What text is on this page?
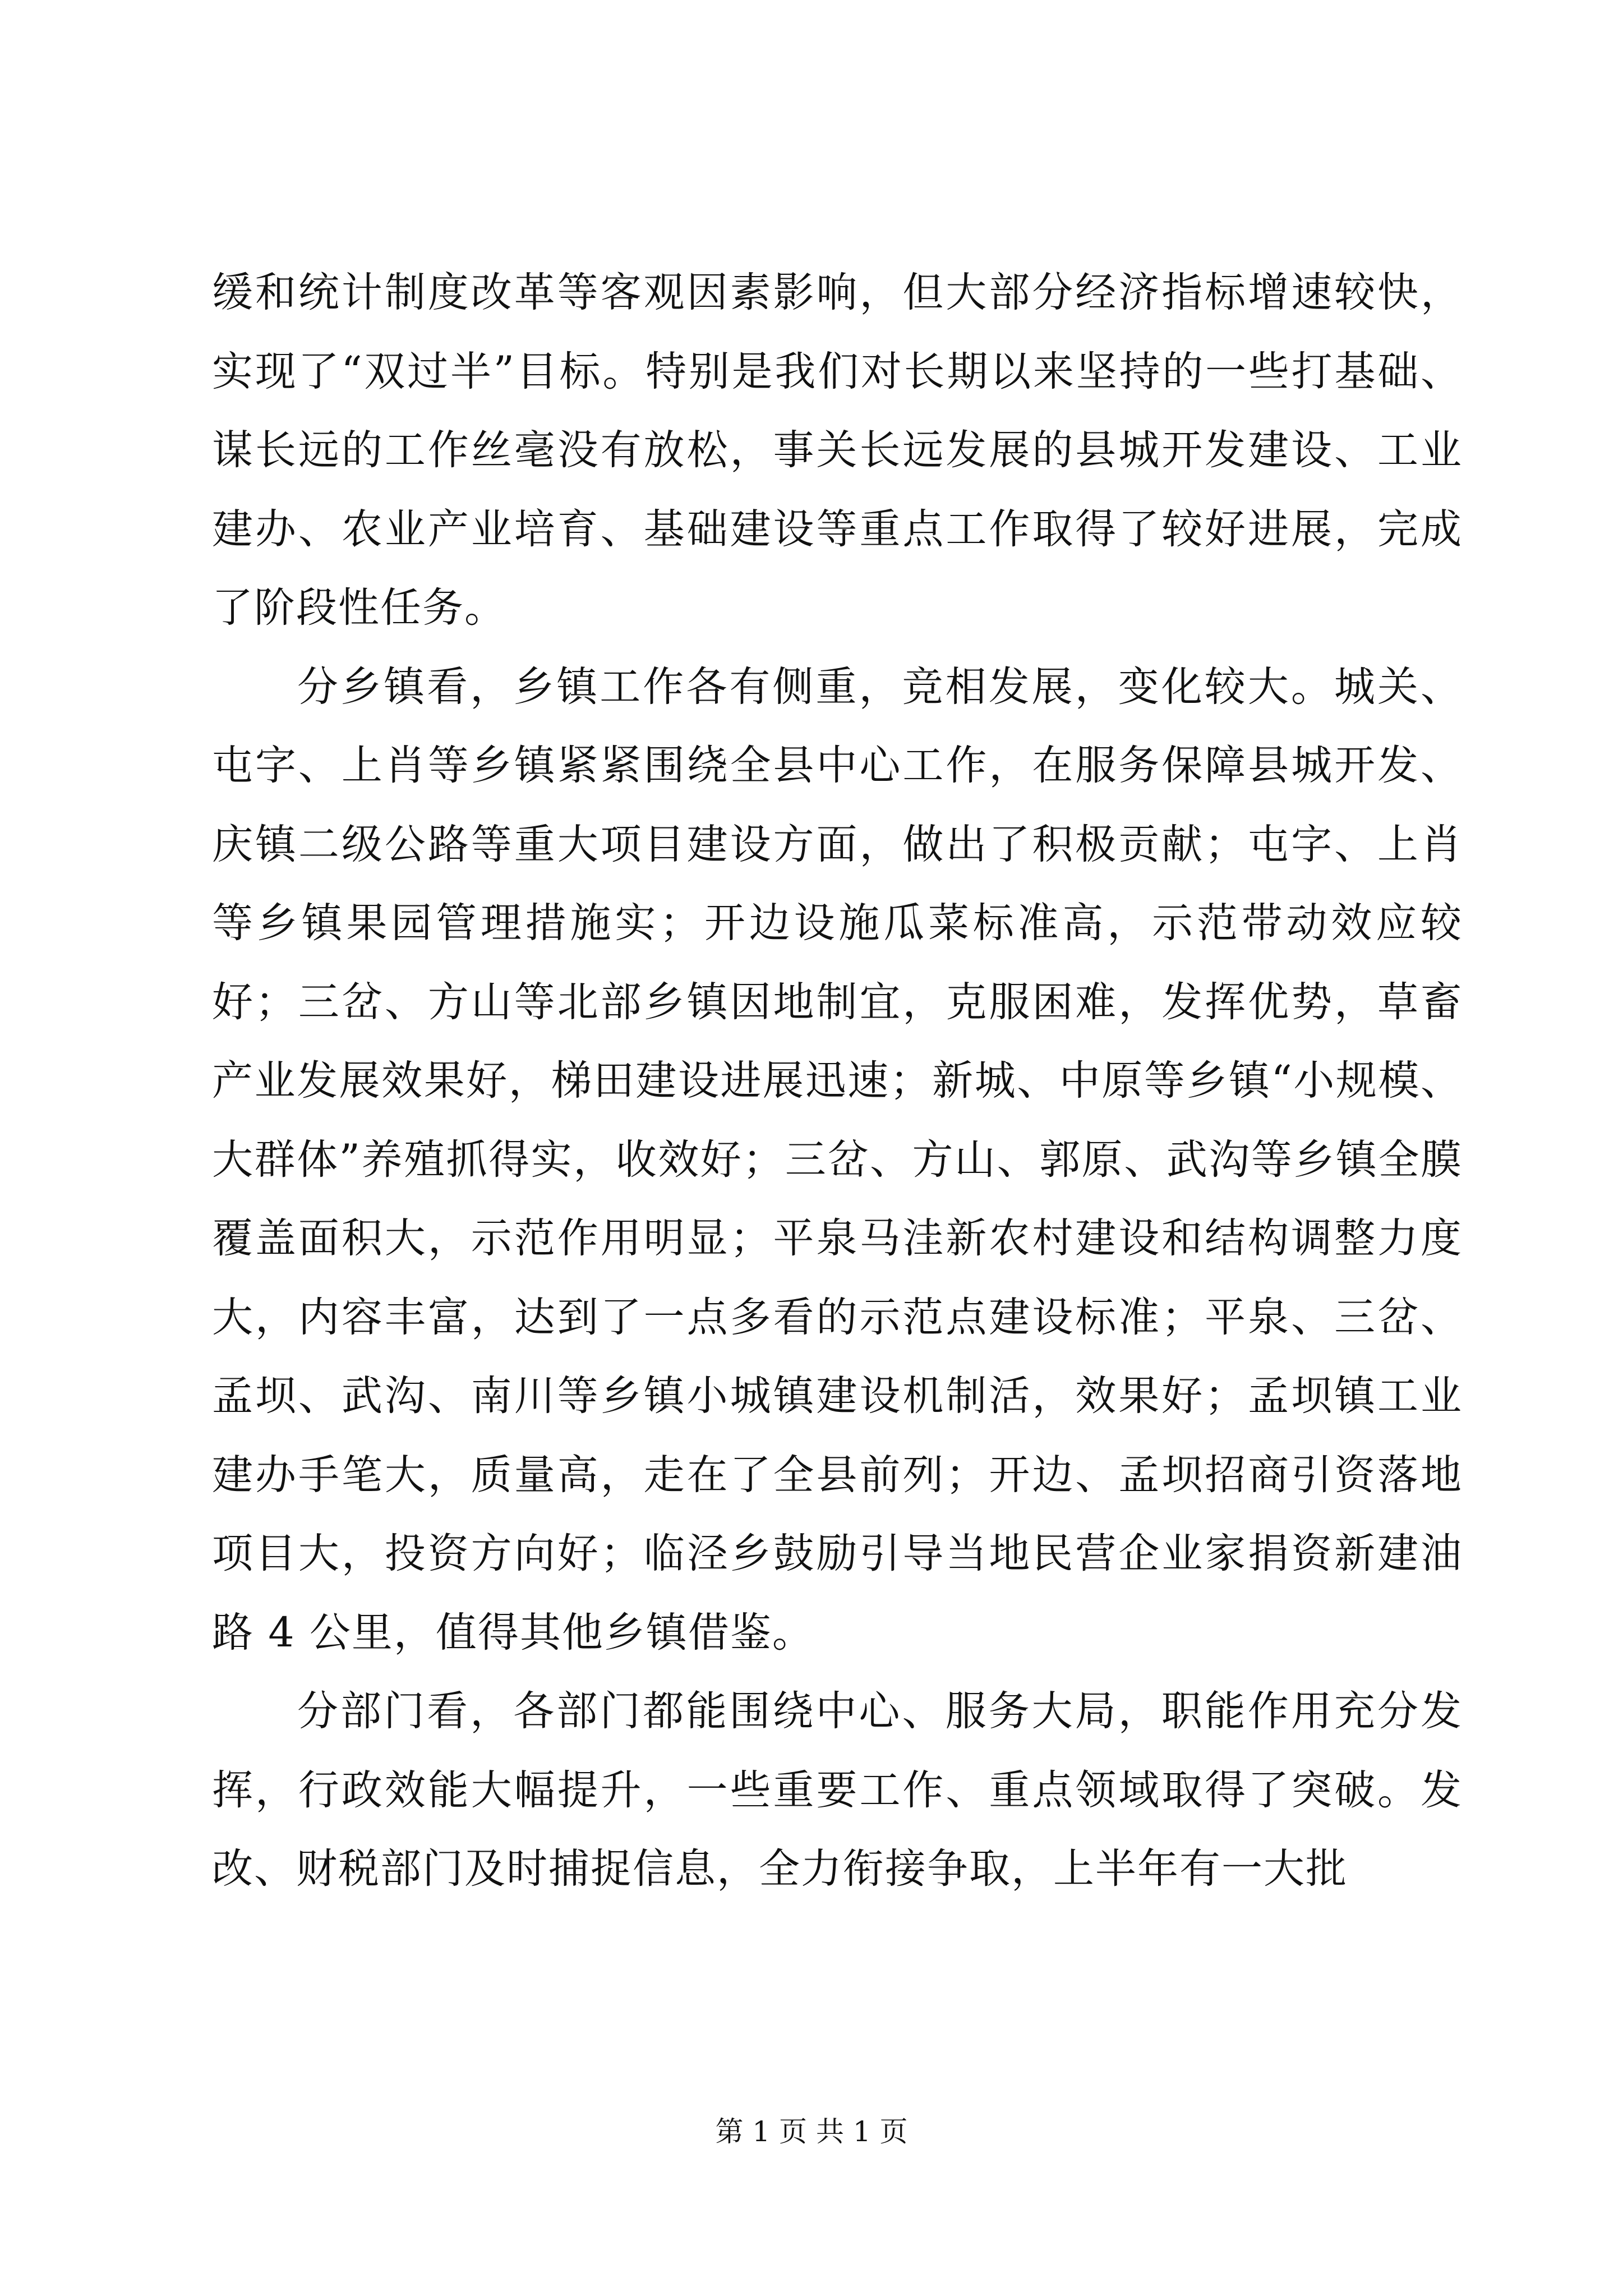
缓和统计制度改革等客观因素影响，但大部分经济指标增速较快，实现了“双过半”目标。特别是我们对长期以来坚持的一些打基础、谋长远的工作丝毫没有放松，事关长远发展的县城开发建设、工业建办、农业产业培育、基础建设等重点工作取得了较好进展，完成了阶段性任务。

分乡镇看，乡镇工作各有侧重，竞相发展，变化较大。城关、屯字、上肖等乡镇紧紧围绕全县中心工作，在服务保障县城开发、庆镇二级公路等重大项目建设方面，做出了积极贡献；屯字、上肖等乡镇果园管理措施实；开边设施瓜菜标准高，示范带动效应较好；三岔、方山等北部乡镇因地制宜，克服困难，发挥优势，草畜产业发展效果好，梯田建设进展迅速；新城、中原等乡镇“小规模、大群体”养殖抓得实，收效好；三岔、方山、郭原、武沟等乡镇全膜覆盖面积大，示范作用明显；平泉马洼新农村建设和结构调整力度大，内容丰富，达到了一点多看的示范点建设标准；平泉、三岔、孟坝、武沟、南川等乡镇小城镇建设机制活，效果好；孟坝镇工业建办手笔大，质量高，走在了全县前列；开边、孟坝招商引资落地项目大，投资方向好；临泾乡鼓励引导当地民营企业家捐资新建油路 4 公里，值得其他乡镇借鉴。

分部门看，各部门都能围绕中心、服务大局，职能作用充分发挥，行政效能大幅提升，一些重要工作、重点领域取得了突破。发改、财税部门及时捕捉信息，全力衔接争取，上半年有一大批

第 1 页 共 1 页
